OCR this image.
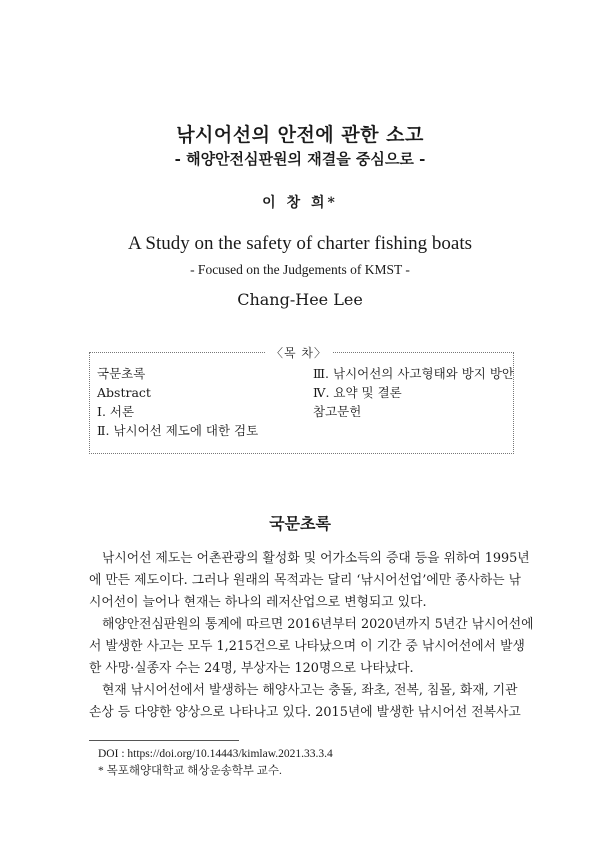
낚시어선의 안전에 관한 소고
- 해양안전심판원의 재결을 중심으로 -
이 창 희*
A Study on the safety of charter fishing boats
- Focused on the Judgements of KMST -
Chang-Hee Lee
〈목 차〉
국문초록
Abstract
Ⅰ. 서론
Ⅱ. 낚시어선 제도에 대한 검토
Ⅲ. 낚시어선의 사고형태와 방지 방안
Ⅳ. 요약 및 결론
참고문헌
국문초록

낚시어선 제도는 어촌관광의 활성화 및 어가소득의 증대 등을 위하여 1995년
에 만든 제도이다. 그러나 원래의 목적과는 달리 ‘낚시어선업’에만 종사하는 낚
시어선이 늘어나 현재는 하나의 레저산업으로 변형되고 있다.

해양안전심판원의 통계에 따르면 2016년부터 2020년까지 5년간 낚시어선에
서 발생한 사고는 모두 1,215건으로 나타났으며 이 기간 중 낚시어선에서 발생
한 사망·실종자 수는 24명, 부상자는 120명으로 나타났다.

현재 낚시어선에서 발생하는 해양사고는 충돌, 좌초, 전복, 침몰, 화재, 기관
손상 등 다양한 양상으로 나타나고 있다. 2015년에 발생한 낚시어선 전복사고

DOI : https://doi.org/10.14443/kimlaw.2021.33.3.4
* 목포해양대학교 해상운송학부 교수.
